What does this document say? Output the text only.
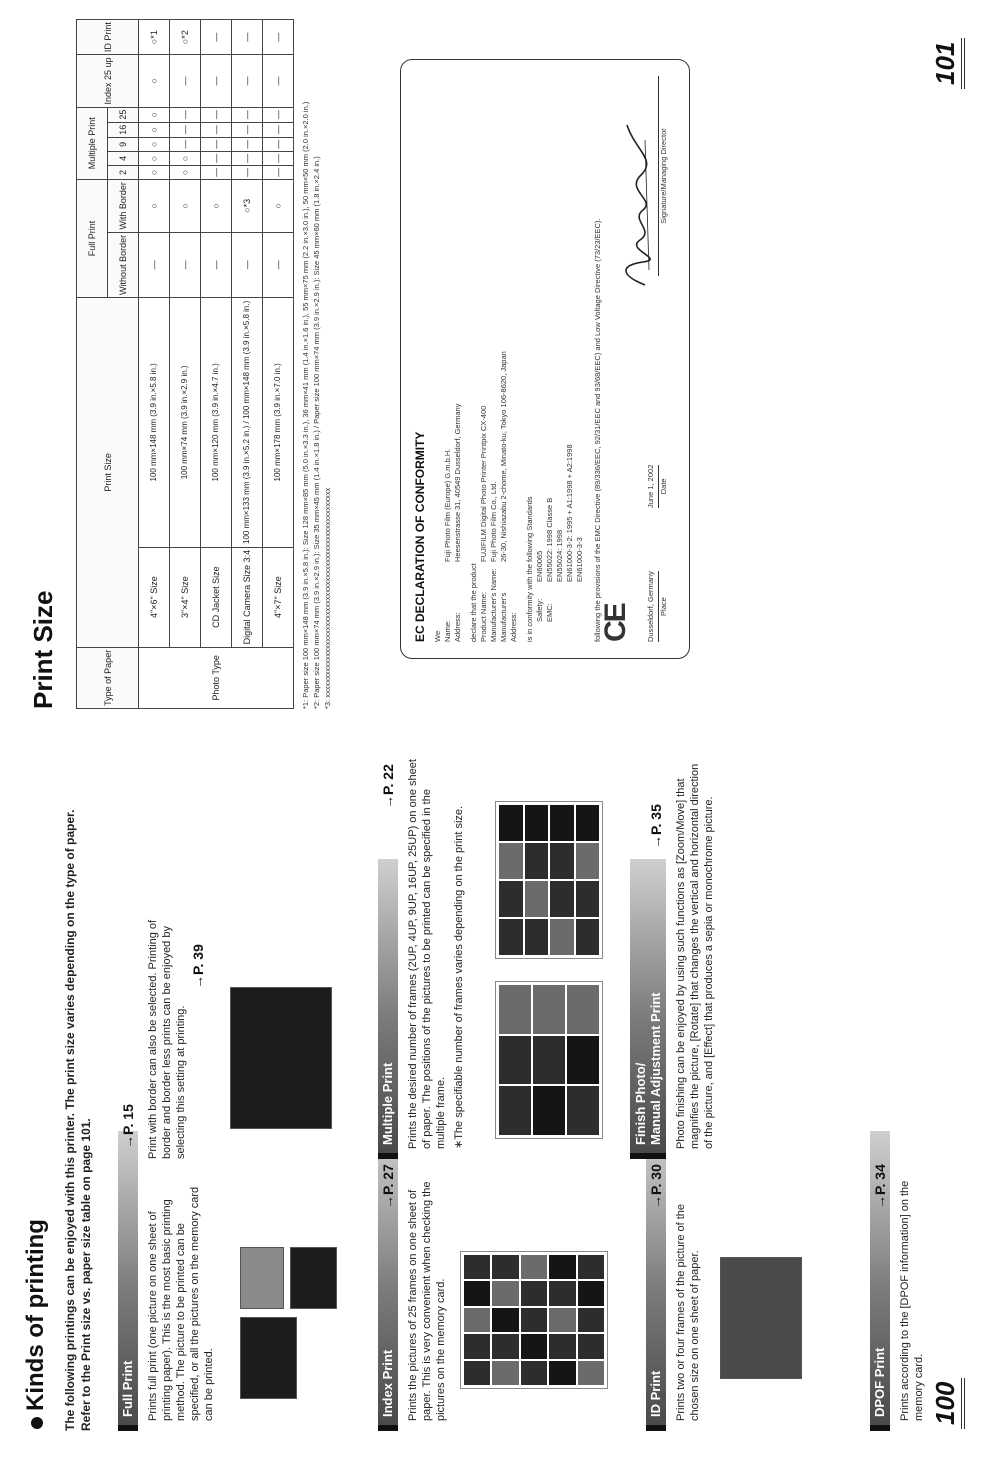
Kinds of printing The following printings can be enjoyed with this printer. The print size varies depending on the type of paper. Refer to the Print size vs. paper size table on page 101. Full Print
→P. 15
Prints full print (one picture on one sheet of printing paper). This is the most basic printing method. The picture to be printed can be specified, or all the pictures on the memory card can be printed.
Print with border can also be selected. Printing of border and border less prints can be enjoyed by selecting this setting at printing.
→P. 39
Index Print
→P. 27
Prints the pictures of 25 frames on one sheet of paper. This is very convenient when checking the pictures on the memory card.
Multiple Print
→P. 22 Prints the desired number of frames (2UP, 4UP, 9UP, 16UP, 25UP) on one sheet of paper. The positions of the pictures to be printed can be specified in the multiple frame. ∗The specifiable number of frames varies depending on the print size.
ID Print
→P. 30
Prints two or four frames of the picture of the chosen size on one sheet of paper.
Finish Photo/ Manual Adjustment Print
→P. 35 Photo finishing can be enjoyed by using such functions as [Zoom/Move] that magnifies the picture, [Rotate] that changes the vertical and horizontal direction of the picture, and [Effect] that produces a sepia or monochrome picture.
DPOF Print
→P. 34 Prints according to the [DPOF information] on the memory card. 100
Print Size	Type of Paper	Print Size		Full Print		Multiple Print					Index 25 up	ID Print
			Without Border	With Border	2	4	9	16	25		
Photo Type	4"×6" Size	100 mm×148 mm (3.9 in.×5.8 in.)	—	○	○	○	○	○	○	○	○*1
	3"×4" Size	100 mm×74 mm (3.9 in.×2.9 in.)	—	○	○	○	—	—	—	—	○*2
	CD Jacket Size	100 mm×120 mm (3.9 in.×4.7 in.)	—	○	—	—	—	—	—	—	—
	Digital Camera Size 3:4	100 mm×133 mm (3.9 in.×5.2 in.) / 100 mm×148 mm (3.9 in.×5.8 in.)	—	○*3	—	—	—	—	—	—	—
	4"×7" Size	100 mm×178 mm (3.9 in.×7.0 in.)	—	○	—	—	—	—	—	—	—
*1: Paper size 100 mm×148 mm (3.9 in.×5.8 in.): Size 128 mm×85 mm (5.0 in.×3.3 in.), 36 mm×41 mm (1.4 in.×1.6 in.), 55 mm×75 mm (2.2 in.×3.0 in.), 50 mm×50 mm (2.0 in.×2.0 in.) *2: Paper size 100 mm×74 mm (3.9 in.×2.9 in.): Size 35 mm×45 mm (1.4 in.×1.8 in.) / Paper size 100 mm×74 mm (3.9 in.×2.9 in.): Size 45 mm×60 mm (1.8 in.×2.4 in.) *3: xxxxxxxxxxxxxxxxxxxxxxxxxxxxxxxxxxxxxxxxxxxxxxxxxxxxxxxx	EC DECLARATION OF CONFORMITY We Name:
Fuji Photo Film (Europe) G.m.b.H.
Address:
Heesenstrasse 31, 40549 Dusseldorf, Germany
declare that the product Product Name:
FUJIFILM Digital Photo Printer Printpix CX-400
Manufacturer's Name:
Fuji Photo Film Co., Ltd.
Manufacturer's Address:
26-30, Nishiazabu 2-chome, Minato-ku, Tokyo 106-8620, Japan
is in conformity with the following Standards Safety:
EN60065
EMC:
EN55022: 1998 Classe B EN55024: 1998 EN61000-3-2: 1995 + A1:1998 + A2:1998 EN61000-3-3 following the provisions of the EMC Directive (89/336/EEC, 92/31/EEC and 93/68/EEC) and Low Voltage Directive (73/23/EEC).
CE Dusseldorf, Germany Place
June 1, 2002 Date
Signature/Managing Director
101
